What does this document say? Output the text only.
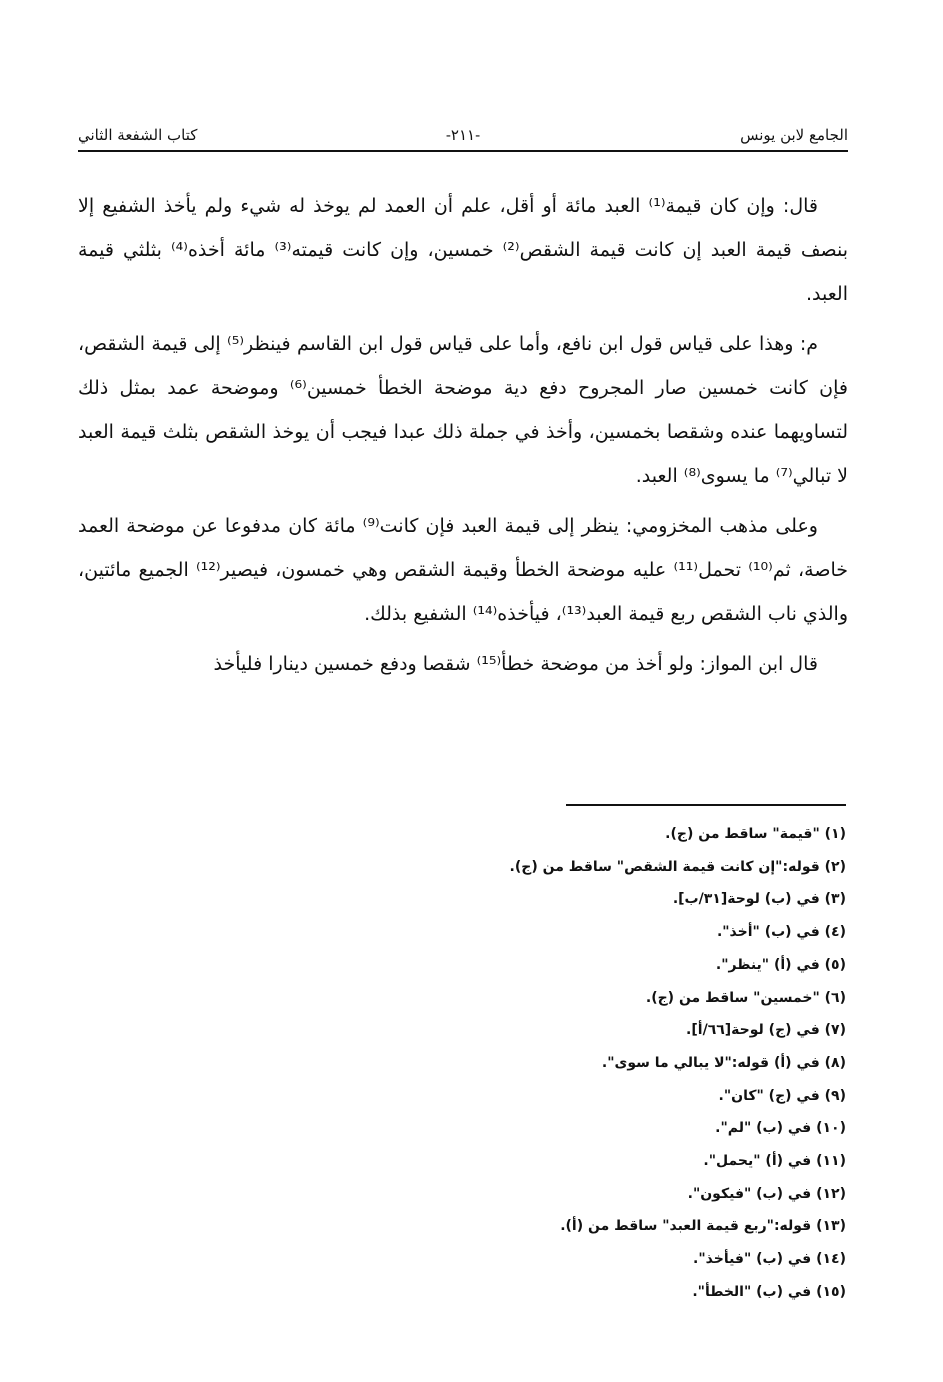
الجامع لابن يونس
-٢١١-
كتاب الشفعة الثاني

قال: وإن كان قيمة⁽¹⁾ العبد مائة أو أقل، علم أن العمد لم يوخذ له شيء ولم يأخذ الشفيع إلا بنصف قيمة العبد إن كانت قيمة الشقص⁽²⁾ خمسين، وإن كانت قيمته⁽³⁾ مائة أخذه⁽⁴⁾ بثلثي قيمة العبد.

م: وهذا على قياس قول ابن نافع، وأما على قياس قول ابن القاسم فينظر⁽⁵⁾ إلى قيمة الشقص، فإن كانت خمسين صار المجروح دفع دية موضحة الخطأ خمسين⁽⁶⁾ وموضحة عمد بمثل ذلك لتساويهما عنده وشقصا بخمسين، وأخذ في جملة ذلك عبدا فيجب أن يوخذ الشقص بثلث قيمة العبد لا تبالي⁽⁷⁾ ما يسوى⁽⁸⁾ العبد.

وعلى مذهب المخزومي: ينظر إلى قيمة العبد فإن كانت⁽⁹⁾ مائة كان مدفوعا عن موضحة العمد خاصة، ثم⁽¹⁰⁾ تحمل⁽¹¹⁾ عليه موضحة الخطأ وقيمة الشقص وهي خمسون، فيصير⁽¹²⁾ الجميع مائتين، والذي ناب الشقص ربع قيمة العبد⁽¹³⁾، فيأخذه⁽¹⁴⁾ الشفيع بذلك.

قال ابن المواز: ولو أخذ من موضحة خطأ⁽¹⁵⁾ شقصا ودفع خمسين دينارا فليأخذ

(١) "قيمة" ساقط من (ج).
(٢) قوله:"إن كانت قيمة الشقص" ساقط من (ج).
(٣) في (ب) لوحة[٣١/ب].
(٤) في (ب) "أخذ".
(٥) في (أ) "ينظر".
(٦) "خمسين" ساقط من (ج).
(٧) في (ج) لوحة[٦٦/أ].
(٨) في (أ) قوله:"لا يبالي ما سوى".
(٩) في (ج) "كان".
(١٠) في (ب) "لم".
(١١) في (أ) "يحمل".
(١٢) في (ب) "فيكون".
(١٣) قوله:"ربع قيمة العبد" ساقط من (أ).
(١٤) في (ب) "فيأخذ".
(١٥) في (ب) "الخطأ".
